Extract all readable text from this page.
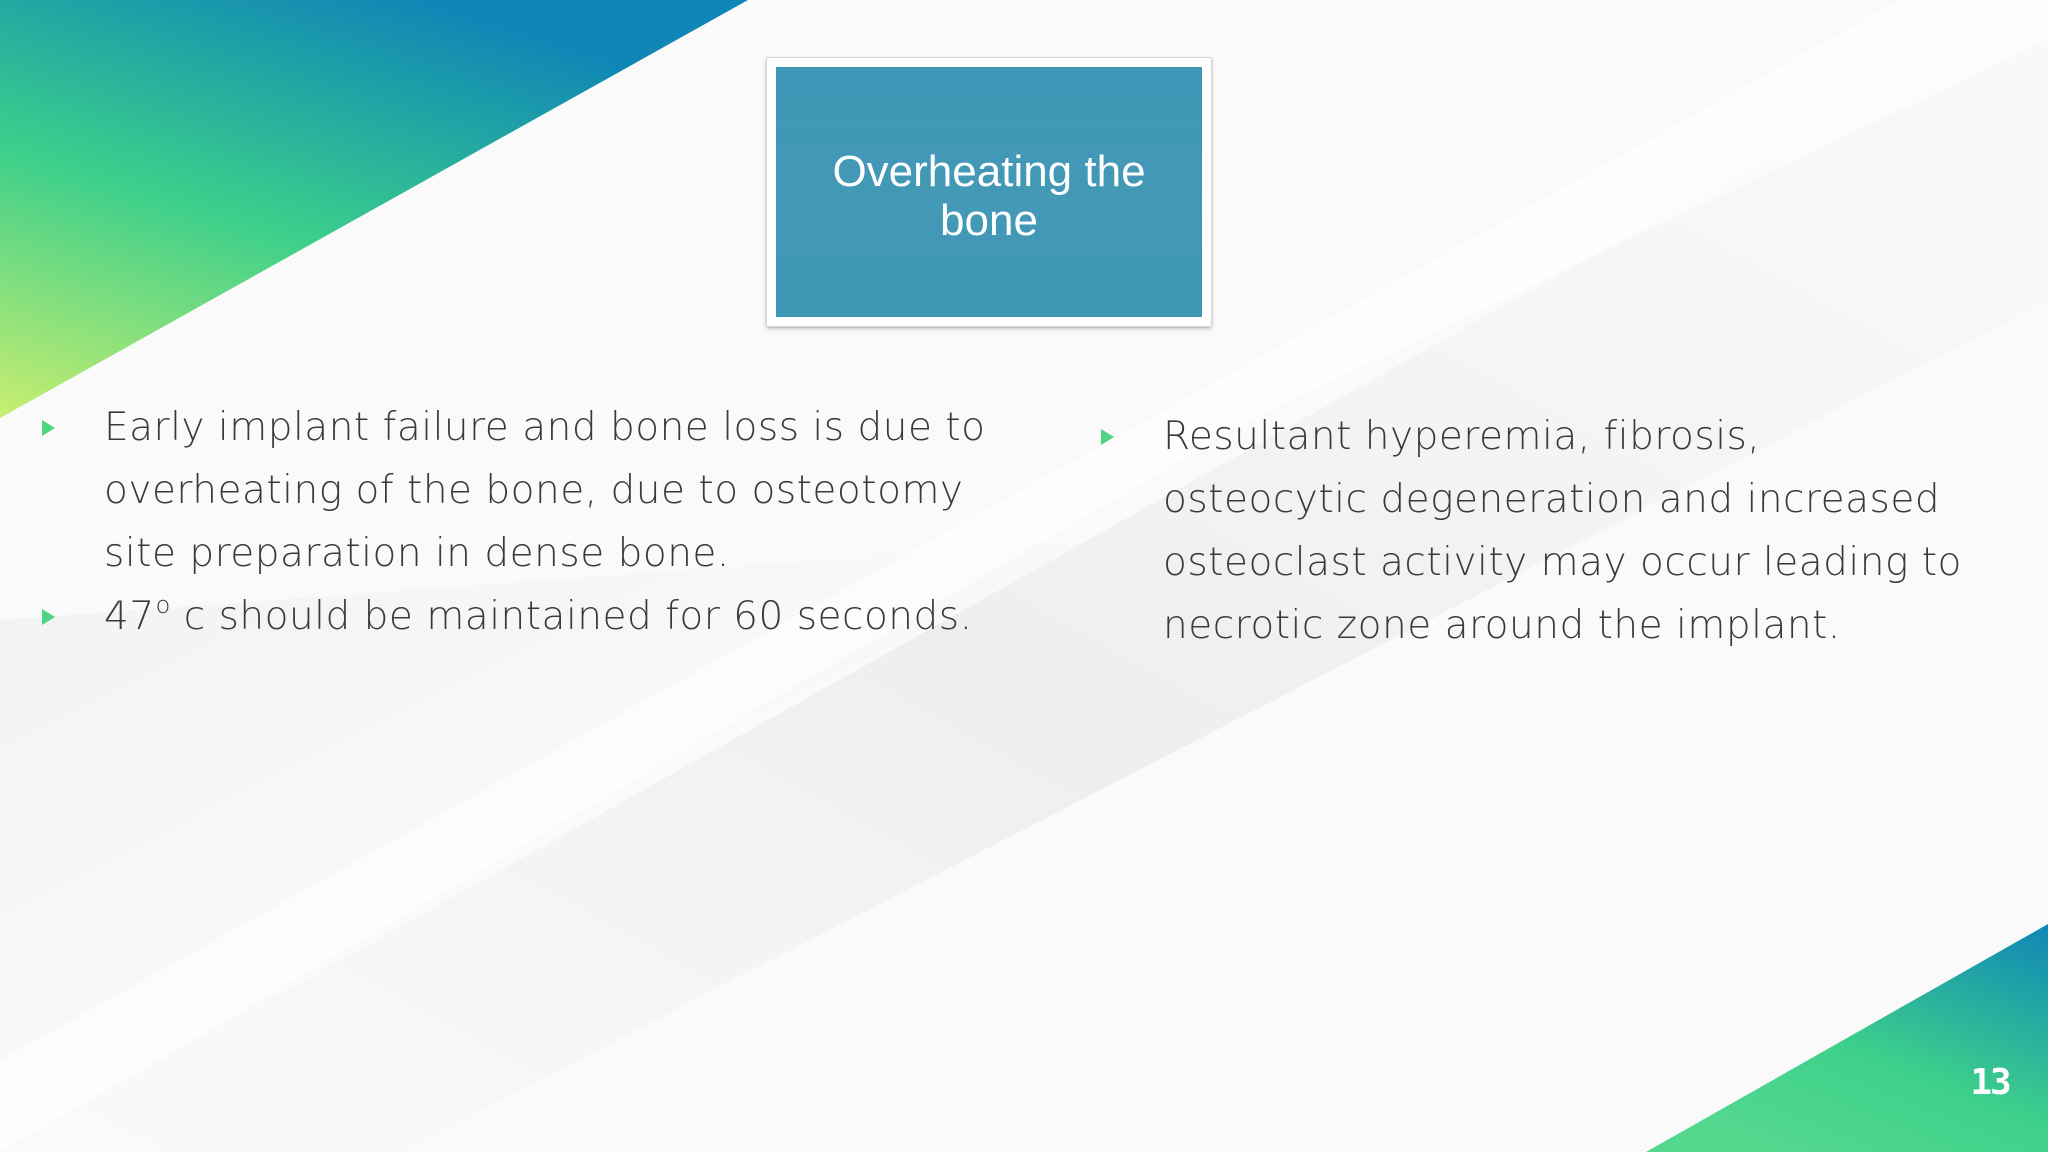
Overheating the
bone
Early implant failure and bone loss is due to
overheating of the bone, due to osteotomy
site preparation in dense bone.
47$^o$ c should be maintained for 60 seconds.
Resultant hyperemia, fibrosis,
osteocytic degeneration and increased
osteoclast activity may occur leading to
necrotic zone around the implant.
13
